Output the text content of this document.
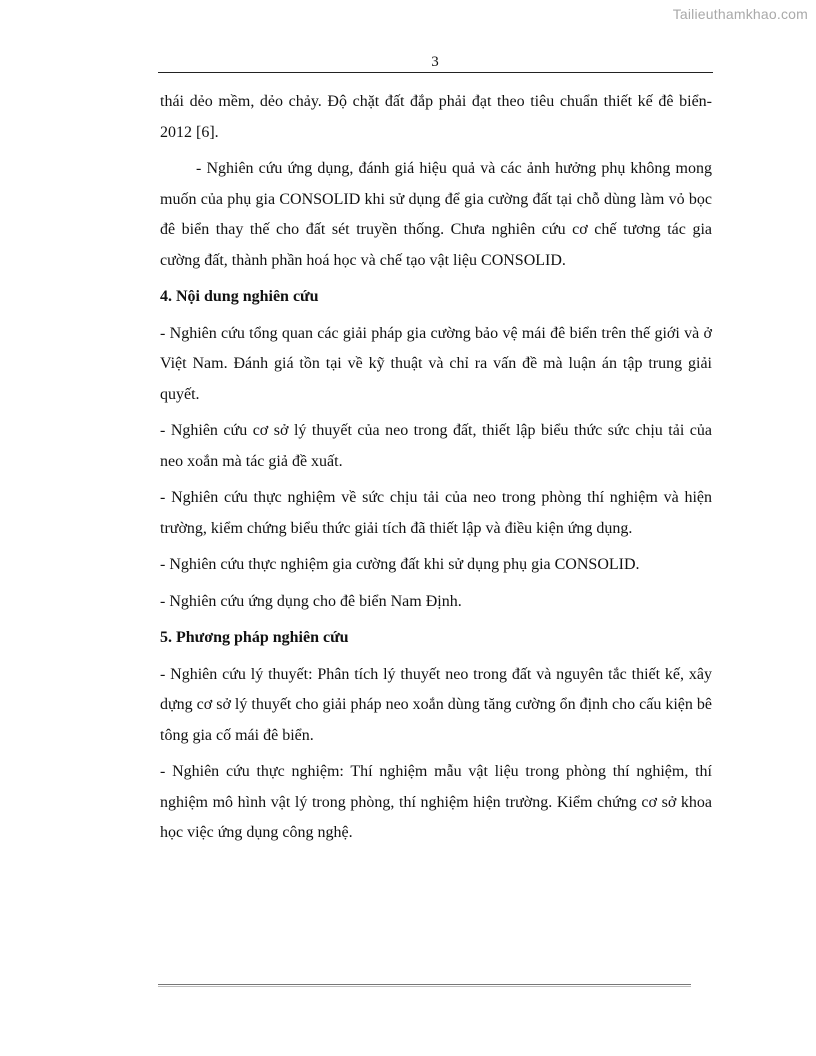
Tailieuthamkhao.com
3

thái dẻo mềm, dẻo chảy. Độ chặt đất đắp phải đạt theo tiêu chuẩn thiết kế đê biển-2012 [6].

- Nghiên cứu ứng dụng, đánh giá hiệu quả và các ảnh hưởng phụ không mong muốn của phụ gia CONSOLID khi sử dụng để gia cường đất tại chỗ dùng làm vỏ bọc đê biển thay thế cho đất sét truyền thống. Chưa nghiên cứu cơ chế tương tác gia cường đất, thành phần hoá học và chế tạo vật liệu CONSOLID.

4. Nội dung nghiên cứu

- Nghiên cứu tổng quan các giải pháp gia cường bảo vệ mái đê biển trên thế giới và ở Việt Nam. Đánh giá tồn tại về kỹ thuật và chỉ ra vấn đề mà luận án tập trung giải quyết.

- Nghiên cứu cơ sở lý thuyết của neo trong đất, thiết lập biểu thức sức chịu tải của neo xoắn mà tác giả đề xuất.

- Nghiên cứu thực nghiệm về sức chịu tải của neo trong phòng thí nghiệm và hiện trường, kiểm chứng biểu thức giải tích đã thiết lập và điều kiện ứng dụng.

- Nghiên cứu thực nghiệm gia cường đất khi sử dụng phụ gia CONSOLID.

- Nghiên cứu ứng dụng cho đê biển Nam Định.

5. Phương pháp nghiên cứu

- Nghiên cứu lý thuyết: Phân tích lý thuyết neo trong đất và nguyên tắc thiết kế, xây dựng cơ sở lý thuyết cho giải pháp neo xoắn dùng tăng cường ổn định cho cấu kiện bê tông gia cố mái đê biển.

- Nghiên cứu thực nghiệm: Thí nghiệm mẫu vật liệu trong phòng thí nghiệm, thí nghiệm mô hình vật lý trong phòng, thí nghiệm hiện trường. Kiểm chứng cơ sở khoa học việc ứng dụng công nghệ.
